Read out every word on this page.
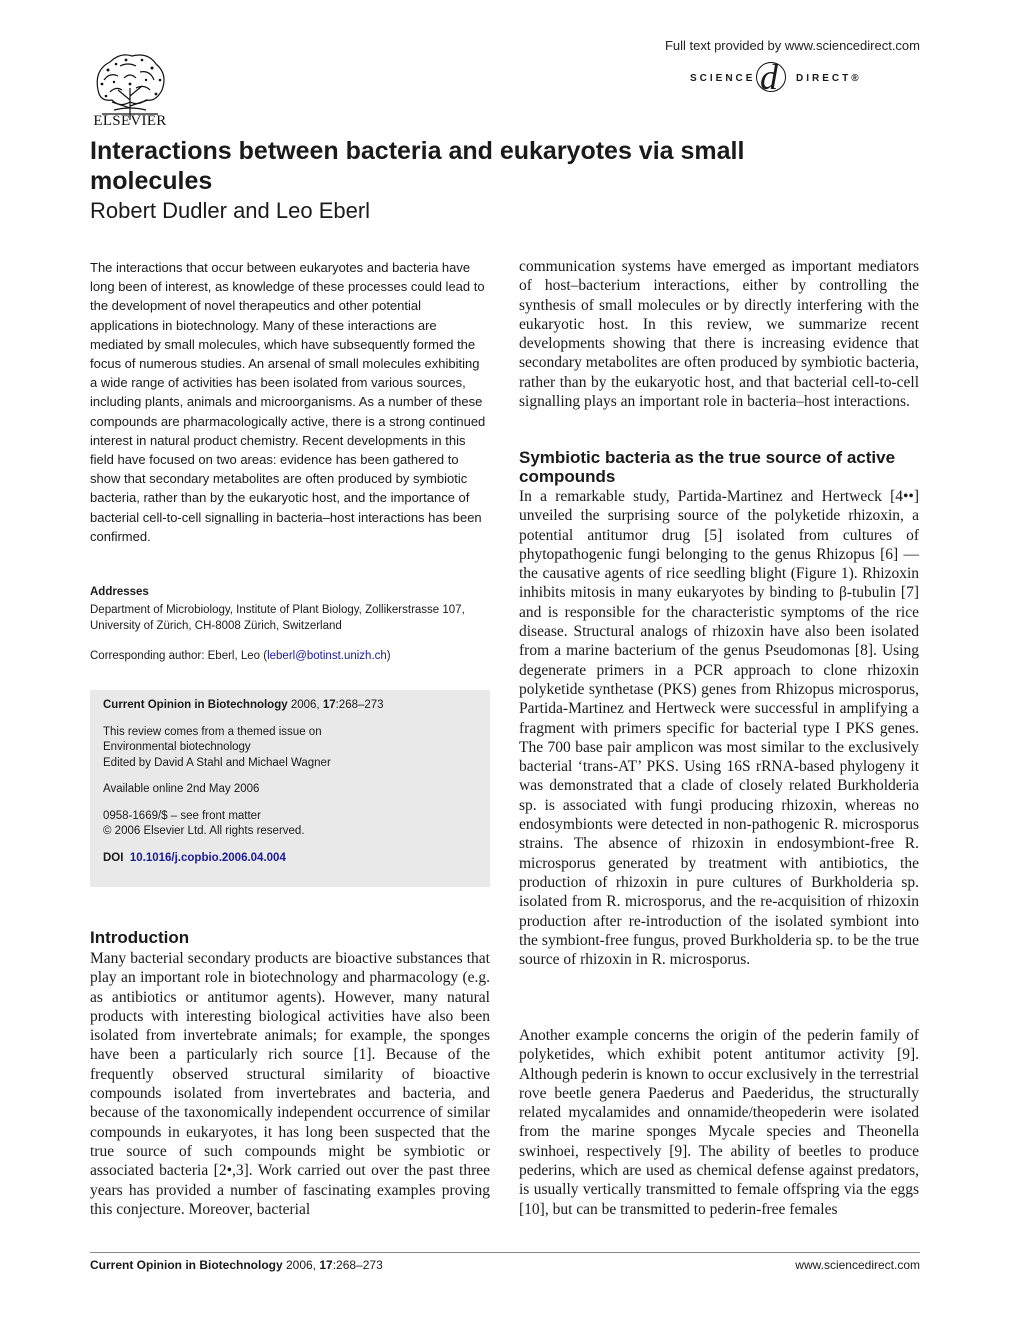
ELSEVIER
Full text provided by www.sciencedirect.com
SCIENCE d DIRECT®
Interactions between bacteria and eukaryotes via small molecules
Robert Dudler and Leo Eberl
The interactions that occur between eukaryotes and bacteria have long been of interest, as knowledge of these processes could lead to the development of novel therapeutics and other potential applications in biotechnology. Many of these interactions are mediated by small molecules, which have subsequently formed the focus of numerous studies. An arsenal of small molecules exhibiting a wide range of activities has been isolated from various sources, including plants, animals and microorganisms. As a number of these compounds are pharmacologically active, there is a strong continued interest in natural product chemistry. Recent developments in this field have focused on two areas: evidence has been gathered to show that secondary metabolites are often produced by symbiotic bacteria, rather than by the eukaryotic host, and the importance of bacterial cell-to-cell signalling in bacteria–host interactions has been confirmed.
Addresses
Department of Microbiology, Institute of Plant Biology, Zollikerstrasse 107, University of Zürich, CH-8008 Zürich, Switzerland
Corresponding author: Eberl, Leo (leberl@botinst.unizh.ch)

Current Opinion in Biotechnology 2006, 17:268–273

This review comes from a themed issue on

Environmental biotechnology

Edited by David A Stahl and Michael Wagner

Available online 2nd May 2006

0958-1669/$ – see front matter

© 2006 Elsevier Ltd. All rights reserved.

DOI 10.1016/j.copbio.2006.04.004

Introduction

Many bacterial secondary products are bioactive substances that play an important role in biotechnology and pharmacology (e.g. as antibiotics or antitumor agents). However, many natural products with interesting biological activities have also been isolated from invertebrate animals; for example, the sponges have been a particularly rich source [1]. Because of the frequently observed structural similarity of bioactive compounds isolated from invertebrates and bacteria, and because of the taxonomically independent occurrence of similar compounds in eukaryotes, it has long been suspected that the true source of such compounds might be symbiotic or associated bacteria [2•,3]. Work carried out over the past three years has provided a number of fascinating examples proving this conjecture. Moreover, bacterial

communication systems have emerged as important mediators of host–bacterium interactions, either by controlling the synthesis of small molecules or by directly interfering with the eukaryotic host. In this review, we summarize recent developments showing that there is increasing evidence that secondary metabolites are often produced by symbiotic bacteria, rather than by the eukaryotic host, and that bacterial cell-to-cell signalling plays an important role in bacteria–host interactions.

Symbiotic bacteria as the true source of active compounds

In a remarkable study, Partida-Martinez and Hertweck [4••] unveiled the surprising source of the polyketide rhizoxin, a potential antitumor drug [5] isolated from cultures of phytopathogenic fungi belonging to the genus Rhizopus [6] — the causative agents of rice seedling blight (Figure 1). Rhizoxin inhibits mitosis in many eukaryotes by binding to β-tubulin [7] and is responsible for the characteristic symptoms of the rice disease. Structural analogs of rhizoxin have also been isolated from a marine bacterium of the genus Pseudomonas [8]. Using degenerate primers in a PCR approach to clone rhizoxin polyketide synthetase (PKS) genes from Rhizopus microsporus, Partida-Martinez and Hertweck were successful in amplifying a fragment with primers specific for bacterial type I PKS genes. The 700 base pair amplicon was most similar to the exclusively bacterial ‘trans-AT’ PKS. Using 16S rRNA-based phylogeny it was demonstrated that a clade of closely related Burkholderia sp. is associated with fungi producing rhizoxin, whereas no endosymbionts were detected in non-pathogenic R. microsporus strains. The absence of rhizoxin in endosymbiont-free R. microsporus generated by treatment with antibiotics, the production of rhizoxin in pure cultures of Burkholderia sp. isolated from R. microsporus, and the re-acquisition of rhizoxin production after re-introduction of the isolated symbiont into the symbiont-free fungus, proved Burkholderia sp. to be the true source of rhizoxin in R. microsporus.

Another example concerns the origin of the pederin family of polyketides, which exhibit potent antitumor activity [9]. Although pederin is known to occur exclusively in the terrestrial rove beetle genera Paederus and Paederidus, the structurally related mycalamides and onnamide/theopederin were isolated from the marine sponges Mycale species and Theonella swinhoei, respectively [9]. The ability of beetles to produce pederins, which are used as chemical defense against predators, is usually vertically transmitted to female offspring via the eggs [10], but can be transmitted to pederin-free females

Current Opinion in Biotechnology 2006, 17:268–273	www.sciencedirect.com
